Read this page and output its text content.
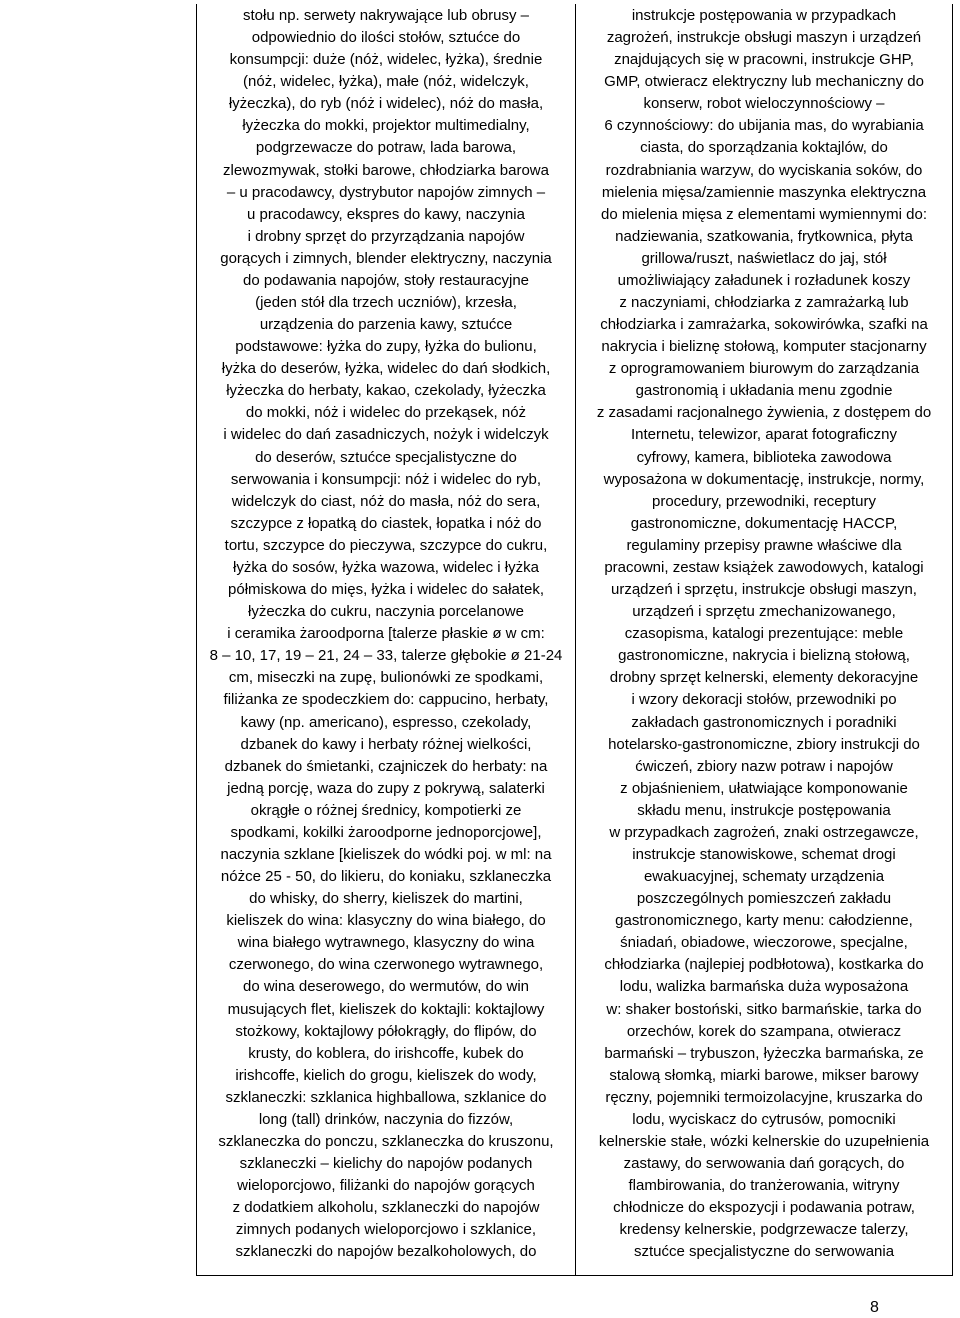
stołu np. serwety nakrywające lub obrusy –
odpowiednio do ilości stołów, sztućce do
konsumpcji: duże (nóż, widelec, łyżka), średnie
(nóż, widelec, łyżka), małe (nóż, widelczyk,
łyżeczka), do ryb (nóż i widelec), nóż do masła,
łyżeczka do mokki, projektor multimedialny,
podgrzewacze do potraw, lada barowa,
zlewozmywak, stołki barowe, chłodziarka barowa
– u pracodawcy, dystrybutor napojów zimnych –
u pracodawcy, ekspres do kawy, naczynia
i drobny sprzęt do przyrządzania napojów
gorących i zimnych, blender elektryczny, naczynia
do podawania napojów, stoły restauracyjne
(jeden stół dla trzech uczniów), krzesła,
urządzenia do parzenia kawy, sztućce
podstawowe: łyżka do zupy, łyżka do bulionu,
łyżka do deserów, łyżka, widelec do dań słodkich,
łyżeczka do herbaty, kakao, czekolady, łyżeczka
do mokki, nóż i widelec do przekąsek, nóż
i widelec do dań zasadniczych, nożyk i widelczyk
do deserów, sztućce specjalistyczne do
serwowania i konsumpcji: nóż i widelec do ryb,
widelczyk do ciast, nóż do masła, nóż do sera,
szczypce z łopatką do ciastek, łopatka i nóż do
tortu, szczypce do pieczywa, szczypce do cukru,
łyżka do sosów, łyżka wazowa, widelec i łyżka
półmiskowa do mięs, łyżka i widelec do sałatek,
łyżeczka do cukru, naczynia porcelanowe
i ceramika żaroodporna [talerze płaskie ø w cm:
8 – 10, 17, 19 – 21, 24 – 33, talerze głębokie ø 21-24
cm, miseczki na zupę, bulionówki ze spodkami,
filiżanka ze spodeczkiem do: cappucino, herbaty,
kawy (np. americano), espresso, czekolady,
dzbanek do kawy i herbaty różnej wielkości,
dzbanek do śmietanki, czajniczek do herbaty: na
jedną porcję, waza do zupy z pokrywą, salaterki
okrągłe o różnej średnicy, kompotierki ze
spodkami, kokilki żaroodporne jednoporcjowe],
naczynia szklane [kieliszek do wódki poj. w ml: na
nóżce 25 - 50, do likieru, do koniaku, szklaneczka
do whisky, do sherry, kieliszek do martini,
kieliszek do wina: klasyczny do wina białego, do
wina białego wytrawnego, klasyczny do wina
czerwonego, do wina czerwonego wytrawnego,
do wina deserowego, do wermutów, do win
musujących flet, kieliszek do koktajli: koktajlowy
stożkowy, koktajlowy półokrągły, do flipów, do
krusty, do koblera, do irishcoffe, kubek do
irishcoffe, kielich do grogu, kieliszek do wody,
szklaneczki: szklanica highballowa, szklanice do
long (tall) drinków, naczynia do fizzów,
szklaneczka do ponczu, szklaneczka do kruszonu,
szklaneczki – kielichy do napojów podanych
wieloporcjowo, filiżanki do napojów gorących
z dodatkiem alkoholu, szklaneczki do napojów
zimnych podanych wieloporcjowo i szklanice,
szklaneczki do napojów bezalkoholowych, do
instrukcje postępowania w przypadkach
zagrożeń, instrukcje obsługi maszyn i urządzeń
znajdujących się w pracowni, instrukcje GHP,
GMP, otwieracz elektryczny lub mechaniczny do
konserw, robot wieloczynnościowy –
6 czynnościowy: do ubijania mas, do wyrabiania
ciasta, do sporządzania koktajlów, do
rozdrabniania warzyw, do wyciskania soków, do
mielenia mięsa/zamiennie maszynka elektryczna
do mielenia mięsa z elementami wymiennymi do:
nadziewania, szatkowania, frytkownica, płyta
grillowa/ruszt, naświetlacz do jaj, stół
umożliwiający załadunek i rozładunek koszy
z naczyniami, chłodziarka z zamrażarką lub
chłodziarka i zamrażarka, sokowirówka, szafki na
nakrycia i bieliznę stołową, komputer stacjonarny
z oprogramowaniem biurowym do zarządzania
gastronomią i układania menu zgodnie
z zasadami racjonalnego żywienia, z dostępem do
Internetu, telewizor, aparat fotograficzny
cyfrowy, kamera, biblioteka zawodowa
wyposażona w dokumentację, instrukcje, normy,
procedury, przewodniki, receptury
gastronomiczne, dokumentację HACCP,
regulaminy przepisy prawne właściwe dla
pracowni, zestaw książek zawodowych, katalogi
urządzeń i sprzętu, instrukcje obsługi maszyn,
urządzeń i sprzętu zmechanizowanego,
czasopisma, katalogi prezentujące: meble
gastronomiczne, nakrycia i bielizną stołową,
drobny sprzęt kelnerski, elementy dekoracyjne
i wzory dekoracji stołów, przewodniki po
zakładach gastronomicznych i poradniki
hotelarsko-gastronomiczne, zbiory instrukcji do
ćwiczeń, zbiory nazw potraw i napojów
z objaśnieniem, ułatwiające komponowanie
składu menu, instrukcje postępowania
w przypadkach zagrożeń, znaki ostrzegawcze,
instrukcje stanowiskowe, schemat drogi
ewakuacyjnej, schematy urządzenia
poszczególnych pomieszczeń zakładu
gastronomicznego, karty menu: całodzienne,
śniadań, obiadowe, wieczorowe, specjalne,
chłodziarka (najlepiej podbłotowa), kostkarka do
lodu, walizka barmańska duża wyposażona
w: shaker bostoński, sitko barmańskie, tarka do
orzechów, korek do szampana, otwieracz
barmański – trybuszon, łyżeczka barmańska, ze
stalową słomką, miarki barowe, mikser barowy
ręczny, pojemniki termoizolacyjne, kruszarka do
lodu, wyciskacz do cytrusów, pomocniki
kelnerskie stałe, wózki kelnerskie do uzupełnienia
zastawy, do serwowania dań gorących, do
flambirowania, do tranżerowania, witryny
chłodnicze do ekspozycji i podawania potraw,
kredensy kelnerskie, podgrzewacze talerzy,
sztućce specjalistyczne do serwowania
8
